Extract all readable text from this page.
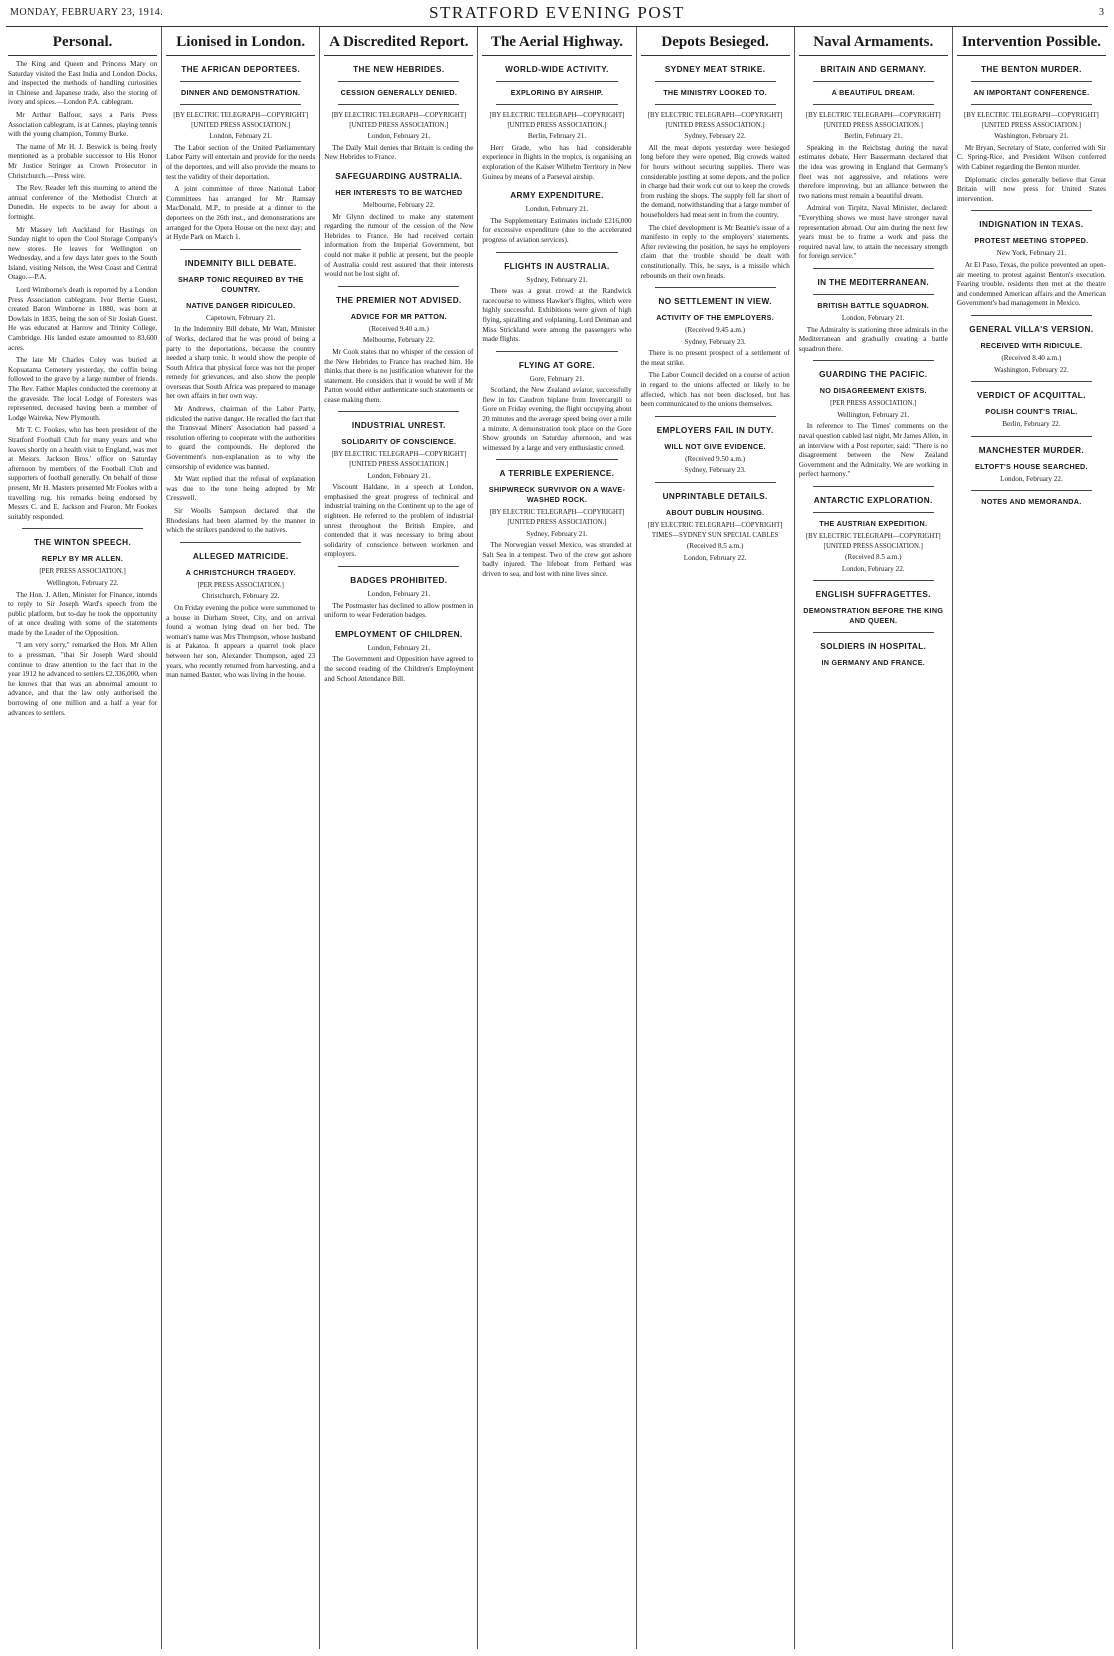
MONDAY, FEBRUARY 23, 1914.	STRATFORD EVENING POST	3
Personal.
The King and Queen and Princess Mary on Saturday visited the East India and London Docks, and inspected the methods of handling curiosities in Chinese and Japanese trade, also the storing of ivory and spices.—London P.A. cablegram.
Mr Arthur Balfour, says a Paris Press Association cablegram, is at Cannes, playing tennis with the young champion, Tommy Burke.
The name of Mr H. J. Beswick is being freely mentioned as a probable successor to His Honor Mr Justice Stringer as Crown Prosecutor in Christchurch.—Press wire.
The Rev. Reader left this morning to attend the annual conference of the Methodist Church at Dunedin. He expects to be away for about a fortnight.
Mr Massey left Auckland for Hastings on Sunday night to open the Cool Storage Company's new stores. He leaves for Wellington on Wednesday, and a few days later goes to the South Island, visiting Nelson, the West Coast and Central Otago.—P.A.
Lord Wimborne's death is reported by a London Press Association cablegram. Ivor Bertie Guest, created Baron Wimborne in 1880, was born at Dowlais in 1835, being the son of Sir Josiah Guest. He was educated at Harrow and Trinity College, Cambridge. His landed estate amounted to 83,600 acres.
The late Mr Charles Coley was buried at Kopuatama Cemetery yesterday, the coffin being followed to the grave by a large number of friends. The Rev. Father Maples conducted the ceremony at the graveside. The local Lodge of Foresters was represented, deceased having been a member of Lodge Waireka, New Plymouth.
Mr T. C. Fookes, who has been president of the Stratford Football Club for many years and who leaves shortly on a health visit to England, was met at Messrs. Jackson Bros.' office on Saturday afternoon by members of the Football Club and supporters of football generally. On behalf of those present, Mr H. Masters presented Mr Fookes with a travelling rug, his remarks being endorsed by Messrs C. and E. Jackson and Fearon. Mr Fookes suitably responded.
THE WINTON SPEECH.
REPLY BY MR ALLEN.
[PER PRESS ASSOCIATION.]
Wellington, February 22.
The Hon. J. Allen, Minister for Finance, intends to reply to Sir Joseph Ward's speech from the public platform, but to-day he took the opportunity of at once dealing with some of the statements made by the Leader of the Opposition.
"I am very sorry," remarked the Hon. Mr Allen to a pressman, "that Sir Joseph Ward should continue to draw attention to the fact that in the year 1912 he advanced to settlers £2,336,000, when he knows that that was an abnormal amount to advance, and that the law only authorised the borrowing of one million and a half a year for advances to settlers.
Lionised in London.
THE AFRICAN DEPORTEES.
DINNER AND DEMONSTRATION.
[BY ELECTRIC TELEGRAPH—COPYRIGHT] [UNITED PRESS ASSOCIATION.]
London, February 21.
The Labor section of the United Parliamentary Labor Party will entertain and provide for the needs of the deportees, and will also provide the means to test the validity of their deportation.
A joint committee of three National Labor Committees has arranged for Mr Ramsay MacDonald, M.P., to preside at a dinner to the deportees on the 26th inst., and demonstrations are arranged for the Opera House on the next day; and at Hyde Park on March 1.
INDEMNITY BILL DEBATE.
SHARP TONIC REQUIRED BY THE COUNTRY.
NATIVE DANGER RIDICULED.
Capetown, February 21.
In the Indemnity Bill debate, Mr Watt, Minister of Works, declared that he was proud of being a party to the deportations, because the country needed a sharp tonic. It would show the people of South Africa that physical force was not the proper remedy for grievances, and also show the people overseas that South Africa was prepared to manage her own affairs in her own way.
Mr Andrews, chairman of the Labor Party, ridiculed the native danger. He recalled the fact that the Transvaal Miners' Association had passed a resolution offering to cooperate with the authorities to guard the compounds. He deplored the Government's non-explanation as to why the censorship of evidence was banned.
Mr Watt replied that the refusal of explanation was due to the tone being adopted by Mr Cresswell.
Sir Woolls Sampson declared that the Rhodesians had been alarmed by the manner in which the strikers pandered to the natives.
ALLEGED MATRICIDE.
A CHRISTCHURCH TRAGEDY.
[PER PRESS ASSOCIATION.]
Christchurch, February 22.
On Friday evening the police were summoned to a house in Durham Street, City, and on arrival found a woman lying dead on her bed. The woman's name was Mrs Thompson, whose husband is at Pakatoa. It appears a quarrel took place between her son, Alexander Thompson, aged 23 years, who recently returned from harvesting, and a man named Baxter, who was living in the house.
A Discredited Report.
THE NEW HEBRIDES.
CESSION GENERALLY DENIED.
[BY ELECTRIC TELEGRAPH—COPYRIGHT] [UNITED PRESS ASSOCIATION.]
London, February 21.
The Daily Mail denies that Britain is ceding the New Hebrides to France.
SAFEGUARDING AUSTRALIA.
HER INTERESTS TO BE WATCHED
Melbourne, February 22.
Mr Glynn declined to make any statement regarding the rumour of the cession of the New Hebrides to France. He had received certain information from the Imperial Government, but could not make it public at present, but the people of Australia could rest assured that their interests would not be lost sight of.
THE PREMIER NOT ADVISED.
ADVICE FOR MR PATTON.
(Received 9.40 a.m.)
Melbourne, February 22.
Mr Cook states that no whisper of the cession of the New Hebrides to France has reached him. He thinks that there is no justification whatever for the statement. He considers that it would be well if Mr Patton would either authenticate such statements or cease making them.
INDUSTRIAL UNREST.
SOLIDARITY OF CONSCIENCE.
[BY ELECTRIC TELEGRAPH—COPYRIGHT] [UNITED PRESS ASSOCIATION.]
London, February 21.
Viscount Haldane, in a speech at London, emphasised the great progress of technical and industrial training on the Continent up to the age of eighteen. He referred to the problem of industrial unrest throughout the British Empire, and contended that it was necessary to bring about solidarity of conscience between workmen and employers.
BADGES PROHIBITED.
London, February 21.
The Postmaster has declined to allow postmen in uniform to wear Federation badges.
EMPLOYMENT OF CHILDREN.
London, February 21.
The Government and Opposition have agreed to the second reading of the Children's Employment and School Attendance Bill.
The Aerial Highway.
WORLD-WIDE ACTIVITY.
EXPLORING BY AIRSHIP.
[BY ELECTRIC TELEGRAPH—COPYRIGHT] [UNITED PRESS ASSOCIATION.]
Berlin, February 21.
Herr Grade, who has had considerable experience in flights in the tropics, is organising an exploration of the Kaiser Wilhelm Territory in New Guinea by means of a Parseval airship.
ARMY EXPENDITURE.
London, February 21.
The Supplementary Estimates include £216,000 for excessive expenditure (due to the accelerated progress of aviation services).
FLIGHTS IN AUSTRALIA.
Sydney, February 21.
There was a great crowd at the Randwick racecourse to witness Hawker's flights, which were highly successful. Exhibitions were given of high flying, spiralling and volplaning, Lord Denman and Miss Strickland were among the passengers who made flights.
FLYING AT GORE.
Gore, February 21.
Scotland, the New Zealand aviator, successfully flew in his Caudron biplane from Invercargill to Gore on Friday evening, the flight occupying about 20 minutes and the average speed being over a mile a minute. A demonstration took place on the Gore Show grounds on Saturday afternoon, and was witnessed by a large and very enthusiastic crowd.
A TERRIBLE EXPERIENCE.
SHIPWRECK SURVIVOR ON A WAVE-WASHED ROCK.
[BY ELECTRIC TELEGRAPH—COPYRIGHT] [UNITED PRESS ASSOCIATION.]
Sydney, February 21.
The Norwegian vessel Mexico, was stranded at Salt Sea in a tempest. Two of the crew got ashore badly injured. The lifeboat from Fethard was driven to sea, and lost with nine lives since.
Depots Besieged.
SYDNEY MEAT STRIKE.
THE MINISTRY LOOKED TO.
[BY ELECTRIC TELEGRAPH—COPYRIGHT] [UNITED PRESS ASSOCIATION.]
Sydney, February 22.
All the meat depots yesterday were besieged long before they were opened. Big crowds waited for hours without securing supplies. There was considerable jostling at some depots, and the police in charge had their work cut out to keep the crowds from rushing the shops. The supply fell far short of the demand, notwithstanding that a large number of householders had meat sent in from the country.
The chief development is Mr Beattie's issue of a manifesto in reply to the employers' statements. After reviewing the position, he says he employers claim that the trouble should be dealt with constitutionally. This, he says, is a missile which rebounds on their own heads.
NO SETTLEMENT IN VIEW.
ACTIVITY OF THE EMPLOYERS.
(Received 9.45 a.m.)
Sydney, February 23.
There is no present prospect of a settlement of the meat strike.
The Labor Council decided on a course of action in regard to the unions affected or likely to be affected, which has not been disclosed, but has been communicated to the unions themselves.
EMPLOYERS FAIL IN DUTY.
WILL NOT GIVE EVIDENCE.
(Received 9.50 a.m.)
Sydney, February 23.
UNPRINTABLE DETAILS.
ABOUT DUBLIN HOUSING.
[BY ELECTRIC TELEGRAPH—COPYRIGHT] TIMES—SYDNEY SUN SPECIAL CABLES
(Received 8.5 a.m.)
London, February 22.
Naval Armaments.
BRITAIN AND GERMANY.
A BEAUTIFUL DREAM.
[BY ELECTRIC TELEGRAPH—COPYRIGHT] [UNITED PRESS ASSOCIATION.]
Berlin, February 21.
Speaking in the Reichstag during the naval estimates debate, Herr Bassermann declared that the idea was growing in England that Germany's fleet was not aggressive, and relations were therefore improving, but an alliance between the two nations must remain a beautiful dream.
Admiral von Tirpitz, Naval Minister, declared: "Everything shows we must have stronger naval representation abroad. Our aim during the next few years must be to frame a work and pass the required naval law, to attain the necessary strength for foreign service."
IN THE MEDITERRANEAN.
BRITISH BATTLE SQUADRON.
London, February 21.
The Admiralty is stationing three admirals in the Mediterranean and gradually creating a battle squadron there.
GUARDING THE PACIFIC.
NO DISAGREEMENT EXISTS.
[PER PRESS ASSOCIATION.]
Wellington, February 21.
In reference to The Times' comments on the naval question cabled last night, Mr James Allen, in an interview with a Post reporter, said: "There is no disagreement between the New Zealand Government and the Admiralty. We are working in perfect harmony."
ANTARCTIC EXPLORATION.
THE AUSTRIAN EXPEDITION.
[BY ELECTRIC TELEGRAPH—COPYRIGHT] [UNITED PRESS ASSOCIATION.]
(Received 8.5 a.m.)
London, February 22.
ENGLISH SUFFRAGETTES.
DEMONSTRATION BEFORE THE KING AND QUEEN.
SOLDIERS IN HOSPITAL.
IN GERMANY AND FRANCE.
Intervention Possible.
THE BENTON MURDER.
AN IMPORTANT CONFERENCE.
[BY ELECTRIC TELEGRAPH—COPYRIGHT] [UNITED PRESS ASSOCIATION.]
Washington, February 21.
Mr Bryan, Secretary of State, conferred with Sir C. Spring-Rice, and President Wilson conferred with Cabinet regarding the Benton murder.
Diplomatic circles generally believe that Great Britain will now press for United States intervention.
INDIGNATION IN TEXAS.
PROTEST MEETING STOPPED.
New York, February 21.
At El Paso, Texas, the police prevented an open-air meeting to protest against Benton's execution. Fearing trouble, residents then met at the theatre and condemned American affairs and the American Government's bad management in Mexico.
GENERAL VILLA'S VERSION.
RECEIVED WITH RIDICULE.
(Received 8.40 a.m.)
Washington, February 22.
VERDICT OF ACQUITTAL.
POLISH COUNT'S TRIAL.
Berlin, February 22.
MANCHESTER MURDER.
ELTOFT'S HOUSE SEARCHED.
London, February 22.
NOTES AND MEMORANDA.
